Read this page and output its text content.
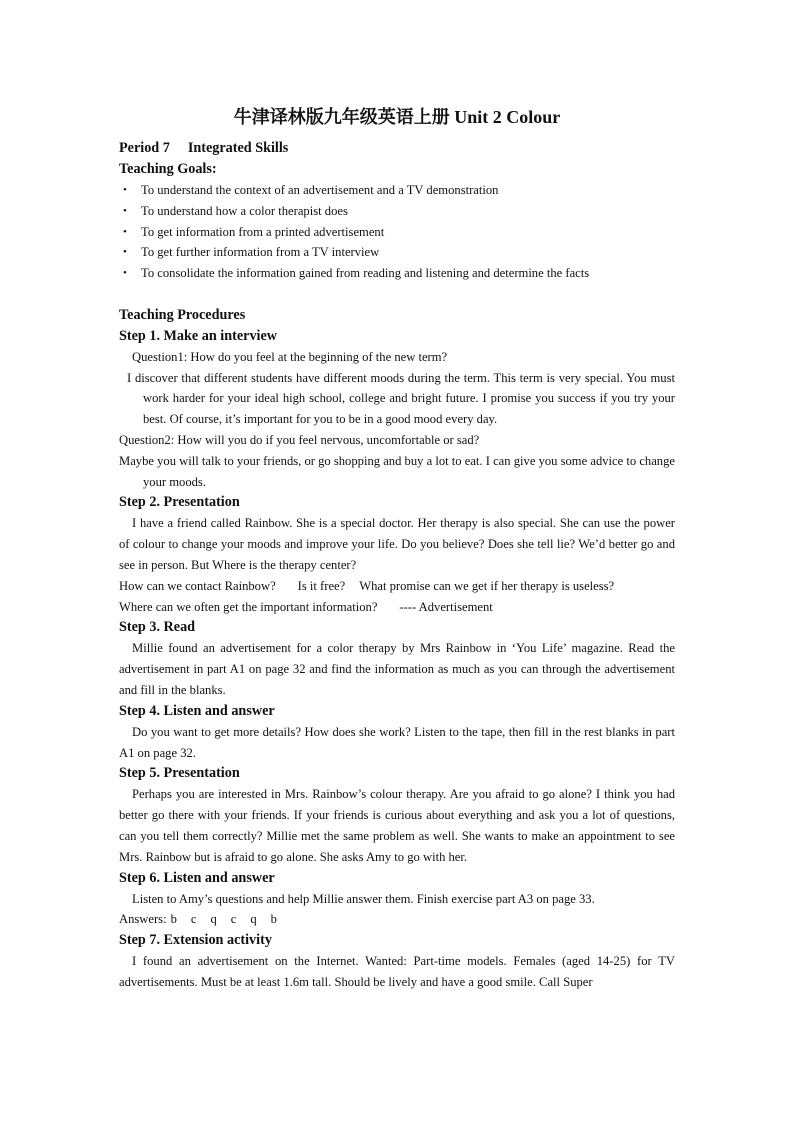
牛津译林版九年级英语上册 Unit 2 Colour
Period 7 Integrated Skills
Teaching Goals:
• To understand the context of an advertisement and a TV demonstration
• To understand how a color therapist does
• To get information from a printed advertisement
• To get further information from a TV interview
• To consolidate the information gained from reading and listening and determine the facts
Teaching Procedures
Step 1. Make an interview

Question1: How do you feel at the beginning of the new term?

I discover that different students have different moods during the term. This term is very special. You must work harder for your ideal high school, college and bright future. I promise you success if you try your best. Of course, it’s important for you to be in a good mood every day.

Question2: How will you do if you feel nervous, uncomfortable or sad?

Maybe you will talk to your friends, or go shopping and buy a lot to eat. I can give you some advice to change your moods.

Step 2. Presentation

I have a friend called Rainbow. She is a special doctor. Her therapy is also special. She can use the power of colour to change your moods and improve your life. Do you believe? Does she tell lie? We’d better go and see in person. But Where is the therapy center?

How can we contact Rainbow? Is it free? What promise can we get if her therapy is useless?

Where can we often get the important information? ---- Advertisement

Step 3. Read

Millie found an advertisement for a color therapy by Mrs Rainbow in ‘You Life’ magazine. Read the advertisement in part A1 on page 32 and find the information as much as you can through the advertisement and fill in the blanks.

Step 4. Listen and answer

Do you want to get more details? How does she work? Listen to the tape, then fill in the rest blanks in part A1 on page 32.

Step 5. Presentation

Perhaps you are interested in Mrs. Rainbow’s colour therapy. Are you afraid to go alone? I think you had better go there with your friends. If your friends is curious about everything and ask you a lot of questions, can you tell them correctly? Millie met the same problem as well. She wants to make an appointment to see Mrs. Rainbow but is afraid to go alone. She asks Amy to go with her.

Step 6. Listen and answer

Listen to Amy’s questions and help Millie answer them. Finish exercise part A3 on page 33.

Answers: b c q c q b

Step 7. Extension activity

I found an advertisement on the Internet. Wanted: Part-time models. Females (aged 14-25) for TV advertisements. Must be at least 1.6m tall. Should be lively and have a good smile. Call Super
